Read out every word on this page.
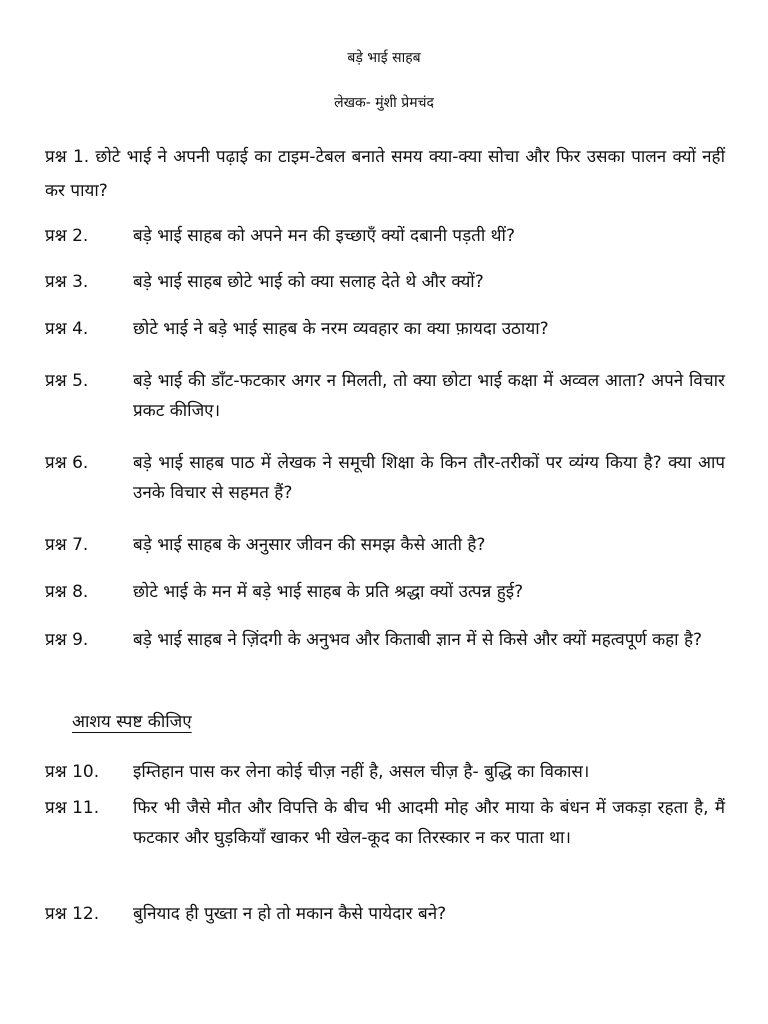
बड़े भाई साहब
लेखक- मुंशी प्रेमचंद
प्रश्न 1. छोटे भाई ने अपनी पढ़ाई का टाइम-टेबल बनाते समय क्या-क्या सोचा और फिर उसका पालन क्यों नहीं कर पाया?
प्रश्न 2.	बड़े भाई साहब को अपने मन की इच्छाएँ क्यों दबानी पड़ती थीं?
प्रश्न 3.	बड़े भाई साहब छोटे भाई को क्या सलाह देते थे और क्यों?
प्रश्न 4.	छोटे भाई ने बड़े भाई साहब के नरम व्यवहार का क्या फ़ायदा उठाया?
प्रश्न 5.	बड़े भाई की डाँट-फटकार अगर न मिलती, तो क्या छोटा भाई कक्षा में अव्वल आता? अपने विचार प्रकट कीजिए।
प्रश्न 6.	बड़े भाई साहब पाठ में लेखक ने समूची शिक्षा के किन तौर-तरीकों पर व्यंग्य किया है? क्या आप उनके विचार से सहमत हैं?
प्रश्न 7.	बड़े भाई साहब के अनुसार जीवन की समझ कैसे आती है?
प्रश्न 8.	छोटे भाई के मन में बड़े भाई साहब के प्रति श्रद्धा क्यों उत्पन्न हुई?
प्रश्न 9.	बड़े भाई साहब ने ज़िंदगी के अनुभव और किताबी ज्ञान में से किसे और क्यों महत्वपूर्ण कहा है?
आशय स्पष्ट कीजिए
प्रश्न 10.	इम्तिहान पास कर लेना कोई चीज़ नहीं है, असल चीज़ है- बुद्धि का विकास।
प्रश्न 11.	फिर भी जैसे मौत और विपत्ति के बीच भी आदमी मोह और माया के बंधन में जकड़ा रहता है, मैं फटकार और घुड़कियाँ खाकर भी खेल-कूद का तिरस्कार न कर पाता था।
प्रश्न 12.	बुनियाद ही पुख्ता न हो तो मकान कैसे पायेदार बने?
